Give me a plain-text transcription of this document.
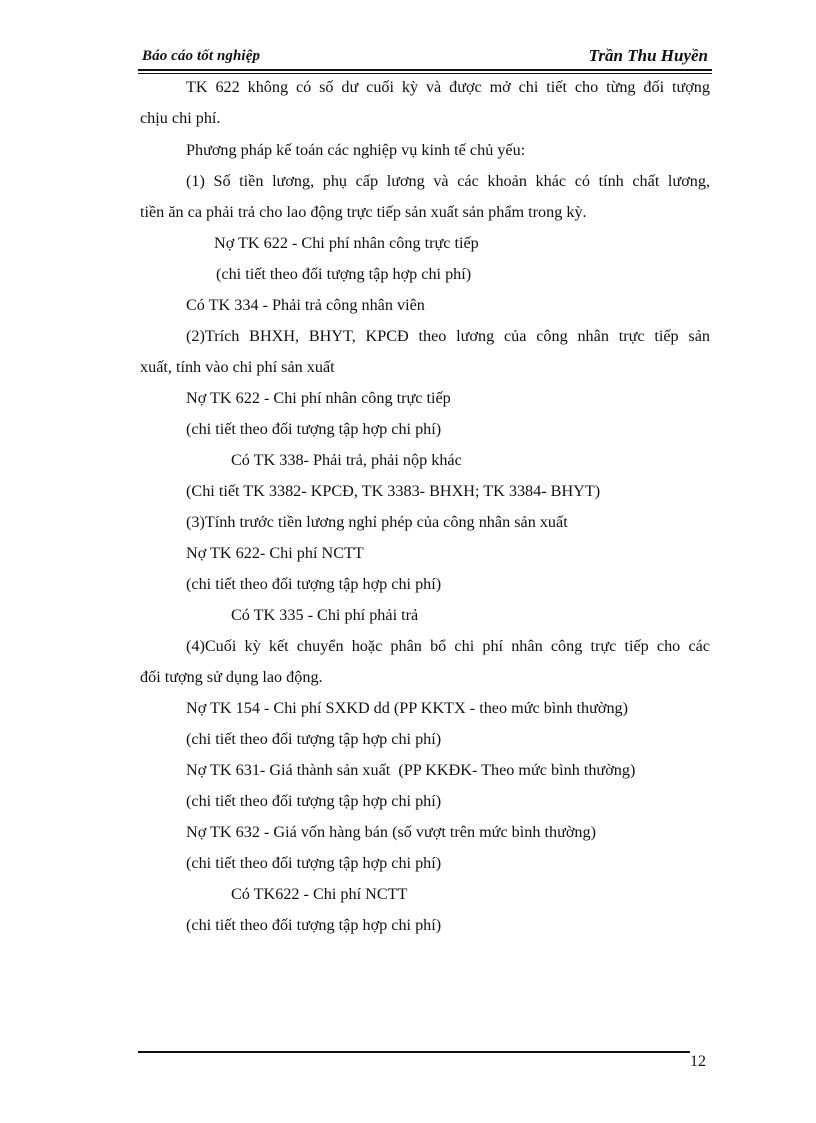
Báo cáo tốt nghiệp	Trần Thu Huyền
TK 622 không có số dư cuối kỳ và được mở chi tiết cho từng đối tượng
chịu chi phí.
Phương pháp kế toán các nghiệp vụ kinh tế chủ yếu:
(1) Số tiền lương, phụ cấp lương và các khoản khác có tính chất lương,
tiền ăn ca phải trả cho lao động trực tiếp sản xuất sản phẩm trong kỳ.
Nợ TK 622 - Chi phí nhân công trực tiếp
(chi tiết theo đối tượng tập hợp chi phí)
Có TK 334 - Phải trả công nhân viên
(2)Trích BHXH, BHYT, KPCĐ theo lương của công nhân trực tiếp sản
xuất, tính vào chi phí sản xuất
Nợ TK 622 - Chi phí nhân công trực tiếp
(chi tiết theo đối tượng tập hợp chi phí)
Có TK 338- Phải trả, phải nộp khác
(Chi tiết TK 3382- KPCĐ, TK 3383- BHXH; TK 3384- BHYT)
(3)Tính trước tiền lương nghỉ phép của công nhân sản xuất
Nợ TK 622- Chi phí NCTT
(chi tiết theo đối tượng tập hợp chi phí)
Có TK 335 - Chi phí phải trả
(4)Cuối kỳ kết chuyển hoặc phân bổ chi phí nhân công trực tiếp cho các
đối tượng sử dụng lao động.
Nợ TK 154 - Chi phí SXKD dd (PP KKTX - theo mức bình thường)
(chi tiết theo đối tượng tập hợp chi phí)
Nợ TK 631- Giá thành sản xuất  (PP KKĐK- Theo mức bình thường)
(chi tiết theo đối tượng tập hợp chi phí)
Nợ TK 632 - Giá vốn hàng bán (số vượt trên mức bình thường)
(chi tiết theo đối tượng tập hợp chi phí)
Có TK622 - Chi phí NCTT
(chi tiết theo đối tượng tập hợp chi phí)
12
